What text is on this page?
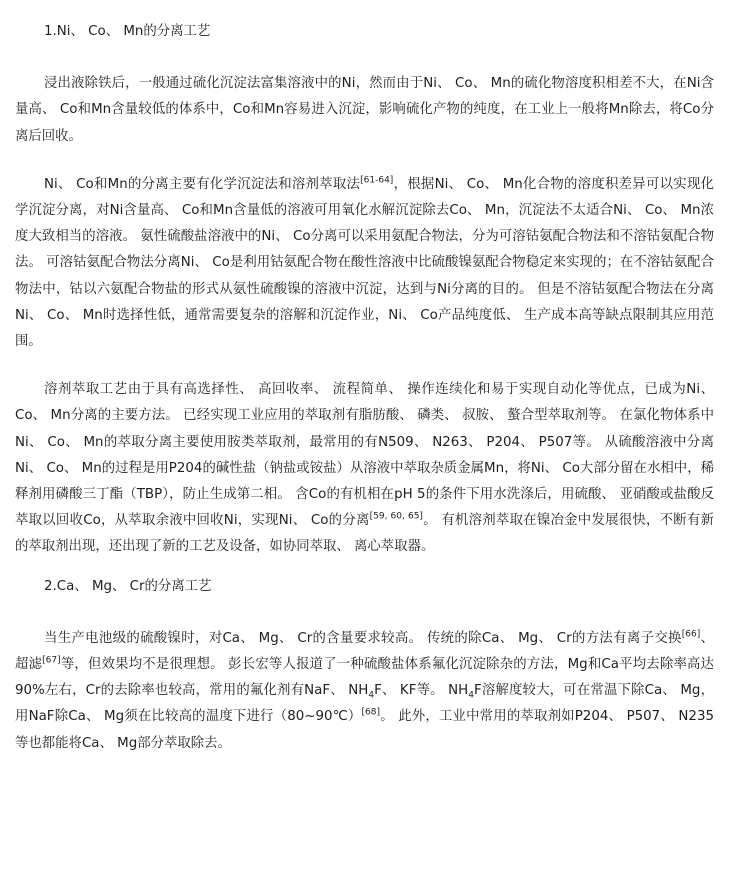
1.Ni、 Co、 Mn的分离工艺

浸出液除铁后，一般通过硫化沉淀法富集溶液中的Ni，然而由于Ni、 Co、 Mn的硫化物溶度积相差不大，在Ni含量高、 Co和Mn含量较低的体系中，Co和Mn容易进入沉淀，影响硫化产物的纯度，在工业上一般将Mn除去，将Co分离后回收。

Ni、 Co和Mn的分离主要有化学沉淀法和溶剂萃取法[61-64]，根据Ni、 Co、 Mn化合物的溶度积差异可以实现化学沉淀分离，对Ni含量高、 Co和Mn含量低的溶液可用氧化水解沉淀除去Co、 Mn，沉淀法不太适合Ni、 Co、 Mn浓度大致相当的溶液。 氨性硫酸盐溶液中的Ni、 Co分离可以采用氨配合物法，分为可溶钴氨配合物法和不溶钴氨配合物法。 可溶钴氨配合物法分离Ni、 Co是利用钴氨配合物在酸性溶液中比硫酸镍氨配合物稳定来实现的；在不溶钴氨配合物法中，钴以六氨配合物盐的形式从氨性硫酸镍的溶液中沉淀，达到与Ni分离的目的。 但是不溶钴氨配合物法在分离Ni、 Co、 Mn时选择性低，通常需要复杂的溶解和沉淀作业，Ni、 Co产品纯度低、 生产成本高等缺点限制其应用范围。

溶剂萃取工艺由于具有高选择性、 高回收率、 流程简单、 操作连续化和易于实现自动化等优点，已成为Ni、 Co、 Mn分离的主要方法。 已经实现工业应用的萃取剂有脂肪酸、 磷类、 叔胺、 螯合型萃取剂等。 在氯化物体系中Ni、 Co、 Mn的萃取分离主要使用胺类萃取剂，最常用的有N509、 N263、 P204、 P507等。 从硫酸溶液中分离Ni、 Co、 Mn的过程是用P204的碱性盐（钠盐或铵盐）从溶液中萃取杂质金属Mn，将Ni、 Co大部分留在水相中，稀释剂用磷酸三丁酯（TBP），防止生成第二相。 含Co的有机相在pH 5的条件下用水洗涤后，用硫酸、 亚硝酸或盐酸反萃取以回收Co，从萃取余液中回收Ni，实现Ni、 Co的分离[59, 60, 65]。 有机溶剂萃取在镍冶金中发展很快，不断有新的萃取剂出现，还出现了新的工艺及设备，如协同萃取、 离心萃取器。

2.Ca、 Mg、 Cr的分离工艺

当生产电池级的硫酸镍时，对Ca、 Mg、 Cr的含量要求较高。 传统的除Ca、 Mg、 Cr的方法有离子交换[66]、 超滤[67]等，但效果均不是很理想。 彭长宏等人报道了一种硫酸盐体系氟化沉淀除杂的方法，Mg和Ca平均去除率高达90%左右，Cr的去除率也较高，常用的氟化剂有NaF、 $NH_4F$、 KF等。 $NH_4F$溶解度较大，可在常温下除Ca、 Mg，用NaF除Ca、 Mg须在比较高的温度下进行（80~90℃）[68]。 此外，工业中常用的萃取剂如P204、 P507、 N235等也都能将Ca、 Mg部分萃取除去。
